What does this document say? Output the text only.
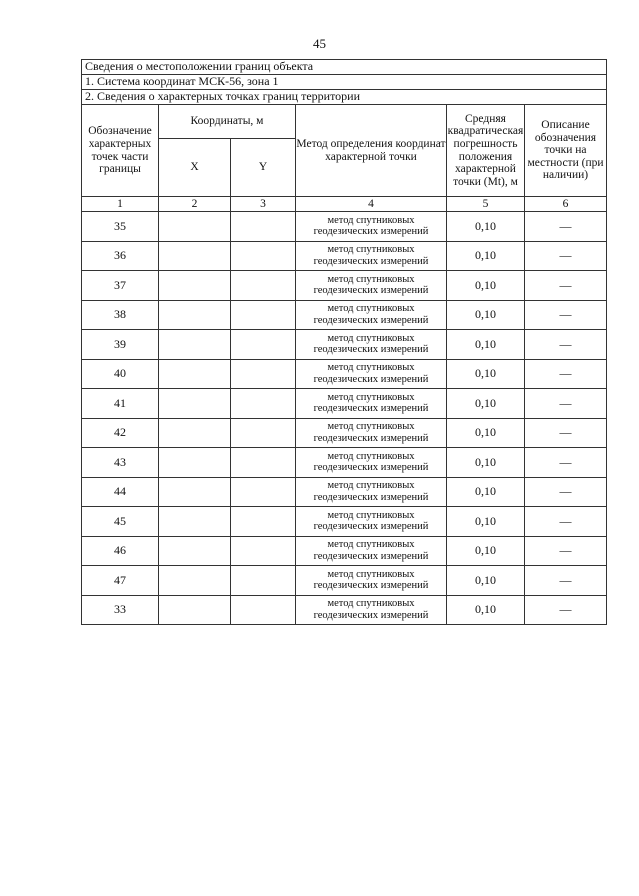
45
Сведения о местоположении границ объекта					
1. Система координат МСК-56, зона 1					
2. Сведения о характерных точках границ территории					
Обозначение характерных точек части границы	Координаты, м		Метод определения координат характерной точки	Средняя квадратическая погрешность положения характерной точки (Mt), м	Описание обозначения точки на местности (при наличии)
	X	Y			
1	2	3	4	5	6
35			метод спутниковых геодезических измерений	0,10	—
36			метод спутниковых геодезических измерений	0,10	—
37			метод спутниковых геодезических измерений	0,10	—
38			метод спутниковых геодезических измерений	0,10	—
39			метод спутниковых геодезических измерений	0,10	—
40			метод спутниковых геодезических измерений	0,10	—
41			метод спутниковых геодезических измерений	0,10	—
42			метод спутниковых геодезических измерений	0,10	—
43			метод спутниковых геодезических измерений	0,10	—
44			метод спутниковых геодезических измерений	0,10	—
45			метод спутниковых геодезических измерений	0,10	—
46			метод спутниковых геодезических измерений	0,10	—
47			метод спутниковых геодезических измерений	0,10	—
33			метод спутниковых геодезических измерений	0,10	—
